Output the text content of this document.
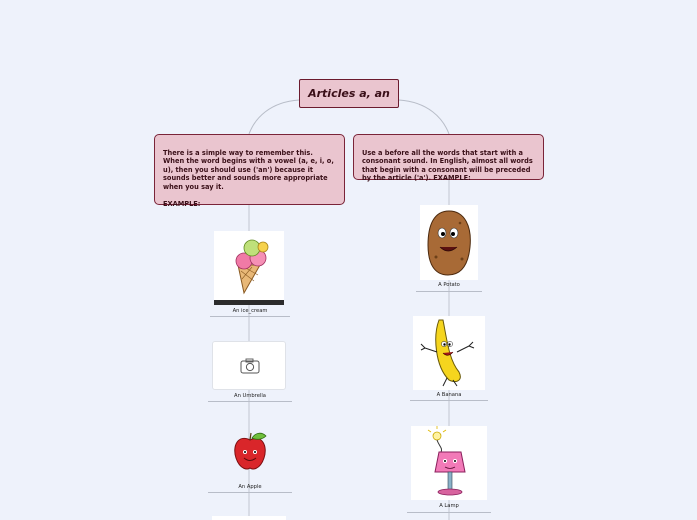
Articles a, an

There is a simple way to remember this. When the word begins with a vowel (a, e, i, o, u), then you should use ('an') because it sounds better and sounds more appropriate when you say it.

EXAMPLE:

Use a before all the words that start with a consonant sound. In English, almost all words that begin with a consonant will be preceded by the article ('a'). EXAMPLE:

An ice_cream
An Umbrella
An Apple
A Potato
A Banana
A Lamp
